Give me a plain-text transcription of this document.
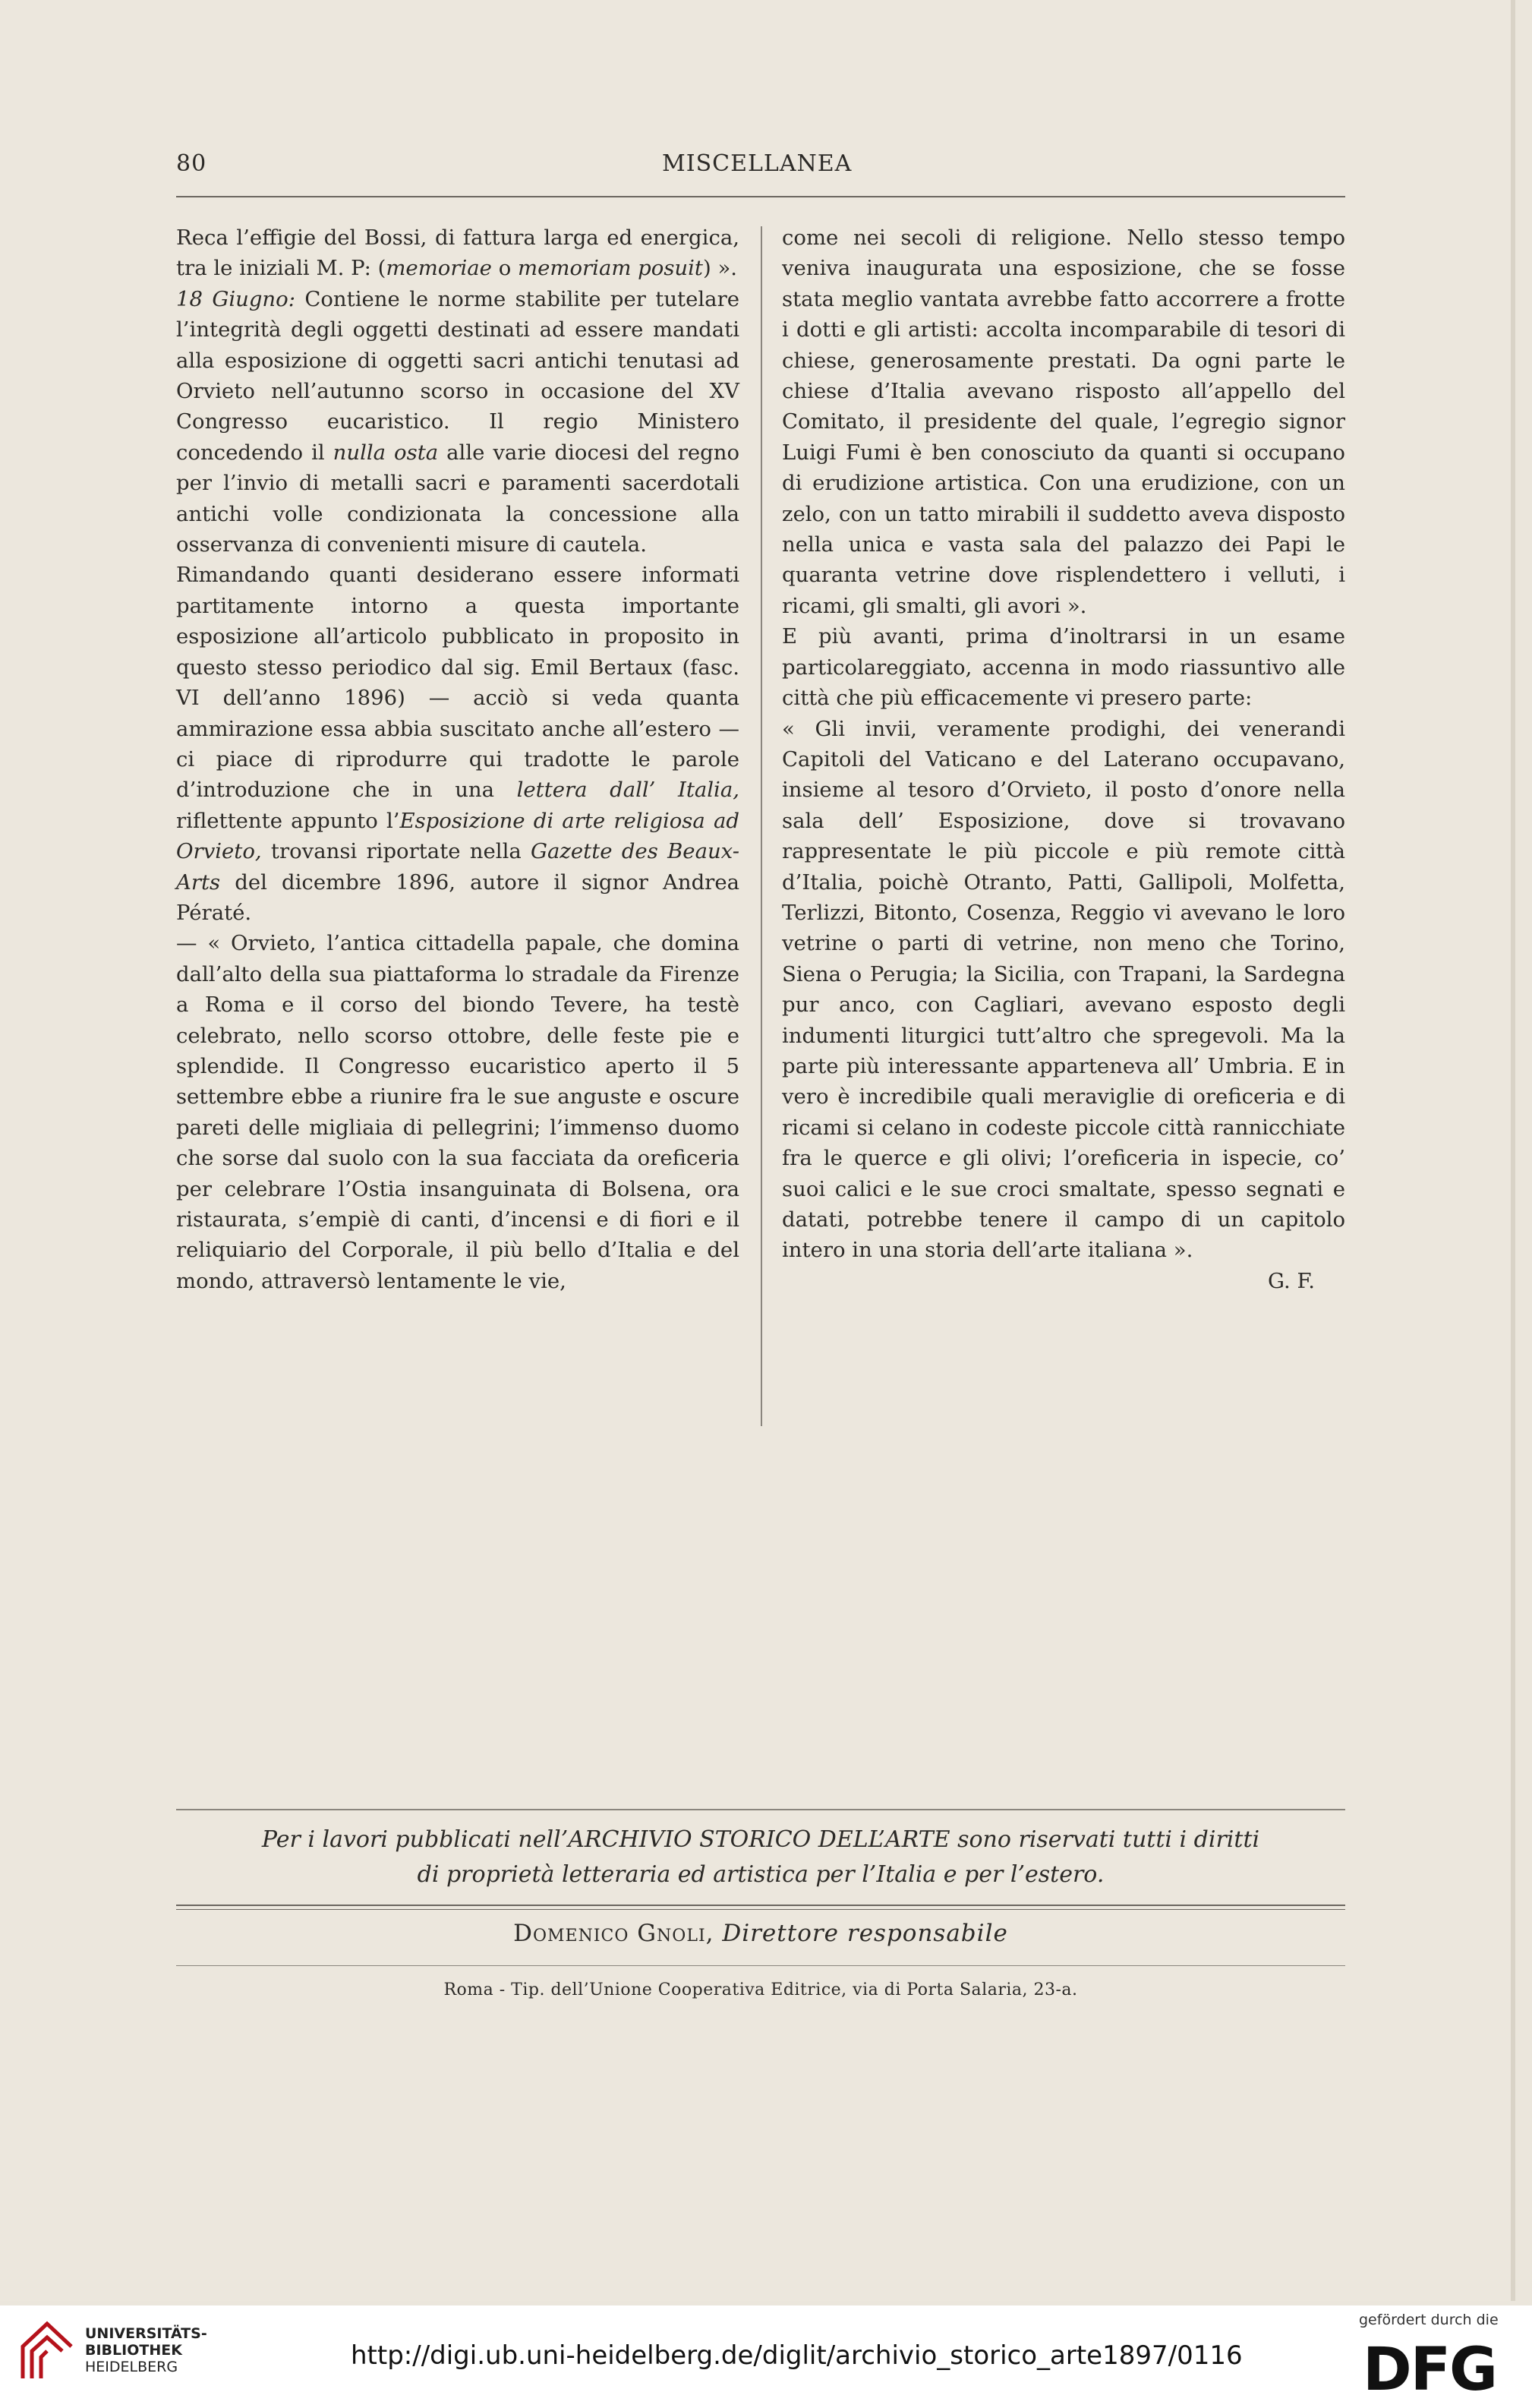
80	MISCELLANEA

Reca l’effigie del Bossi, di fattura larga ed energica, tra le iniziali M. P: (memoriae o memoriam posuit) ».

18 Giugno: Contiene le norme stabilite per tutelare l’integrità degli oggetti destinati ad essere mandati alla esposizione di oggetti sacri antichi tenutasi ad Orvieto nell’autunno scorso in occasione del XV Congresso eucaristico. Il regio Ministero concedendo il nulla osta alle varie diocesi del regno per l’invio di metalli sacri e paramenti sacerdotali antichi volle condizionata la concessione alla osservanza di convenienti misure di cautela.

Rimandando quanti desiderano essere informati partitamente intorno a questa importante esposizione all’articolo pubblicato in proposito in questo stesso periodico dal sig. Emil Bertaux (fasc. VI dell’anno 1896) — acciò si veda quanta ammirazione essa abbia suscitato anche all’estero — ci piace di riprodurre qui tradotte le parole d’introduzione che in una lettera dall’ Italia, riflettente appunto l’Esposizione di arte religiosa ad Orvieto, trovansi riportate nella Gazette des Beaux-Arts del dicembre 1896, autore il signor Andrea Pératé.

— « Orvieto, l’antica cittadella papale, che domina dall’alto della sua piattaforma lo stradale da Firenze a Roma e il corso del biondo Tevere, ha testè celebrato, nello scorso ottobre, delle feste pie e splendide. Il Congresso eucaristico aperto il 5 settembre ebbe a riunire fra le sue anguste e oscure pareti delle migliaia di pellegrini; l’immenso duomo che sorse dal suolo con la sua facciata da oreficeria per celebrare l’Ostia insanguinata di Bolsena, ora ristaurata, s’empiè di canti, d’incensi e di fiori e il reliquiario del Corporale, il più bello d’Italia e del mondo, attraversò lentamente le vie,

come nei secoli di religione. Nello stesso tempo veniva inaugurata una esposizione, che se fosse stata meglio vantata avrebbe fatto accorrere a frotte i dotti e gli artisti: accolta incomparabile di tesori di chiese, generosamente prestati. Da ogni parte le chiese d’Italia avevano risposto all’appello del Comitato, il presidente del quale, l’egregio signor Luigi Fumi è ben conosciuto da quanti si occupano di erudizione artistica. Con una erudizione, con un zelo, con un tatto mirabili il suddetto aveva disposto nella unica e vasta sala del palazzo dei Papi le quaranta vetrine dove risplendettero i velluti, i ricami, gli smalti, gli avori ».

E più avanti, prima d’inoltrarsi in un esame particolareggiato, accenna in modo riassuntivo alle città che più efficacemente vi presero parte:

« Gli invii, veramente prodighi, dei venerandi Capitoli del Vaticano e del Laterano occupavano, insieme al tesoro d’Orvieto, il posto d’onore nella sala dell’ Esposizione, dove si trovavano rappresentate le più piccole e più remote città d’Italia, poichè Otranto, Patti, Gallipoli, Molfetta, Terlizzi, Bitonto, Cosenza, Reggio vi avevano le loro vetrine o parti di vetrine, non meno che Torino, Siena o Perugia; la Sicilia, con Trapani, la Sardegna pur anco, con Cagliari, avevano esposto degli indumenti liturgici tutt’altro che spregevoli. Ma la parte più interessante apparteneva all’ Umbria. E in vero è incredibile quali meraviglie di oreficeria e di ricami si celano in codeste piccole città rannicchiate fra le querce e gli olivi; l’oreficeria in ispecie, co’ suoi calici e le sue croci smaltate, spesso segnati e datati, potrebbe tenere il campo di un capitolo intero in una storia dell’arte italiana ».

G. F.

Per i lavori pubblicati nell’ARCHIVIO STORICO DELL’ARTE sono riservati tutti i diritti
di proprietà letteraria ed artistica per l’Italia e per l’estero.
Domenico Gnoli, Direttore responsabile
Roma - Tip. dell’Unione Cooperativa Editrice, via di Porta Salaria, 23-a.
UNIVERSITÄTS-
BIBLIOTHEK
HEIDELBERG	http://digi.ub.uni-heidelberg.de/diglit/archivio_storico_arte1897/0116
gefördert durch die
DFG
